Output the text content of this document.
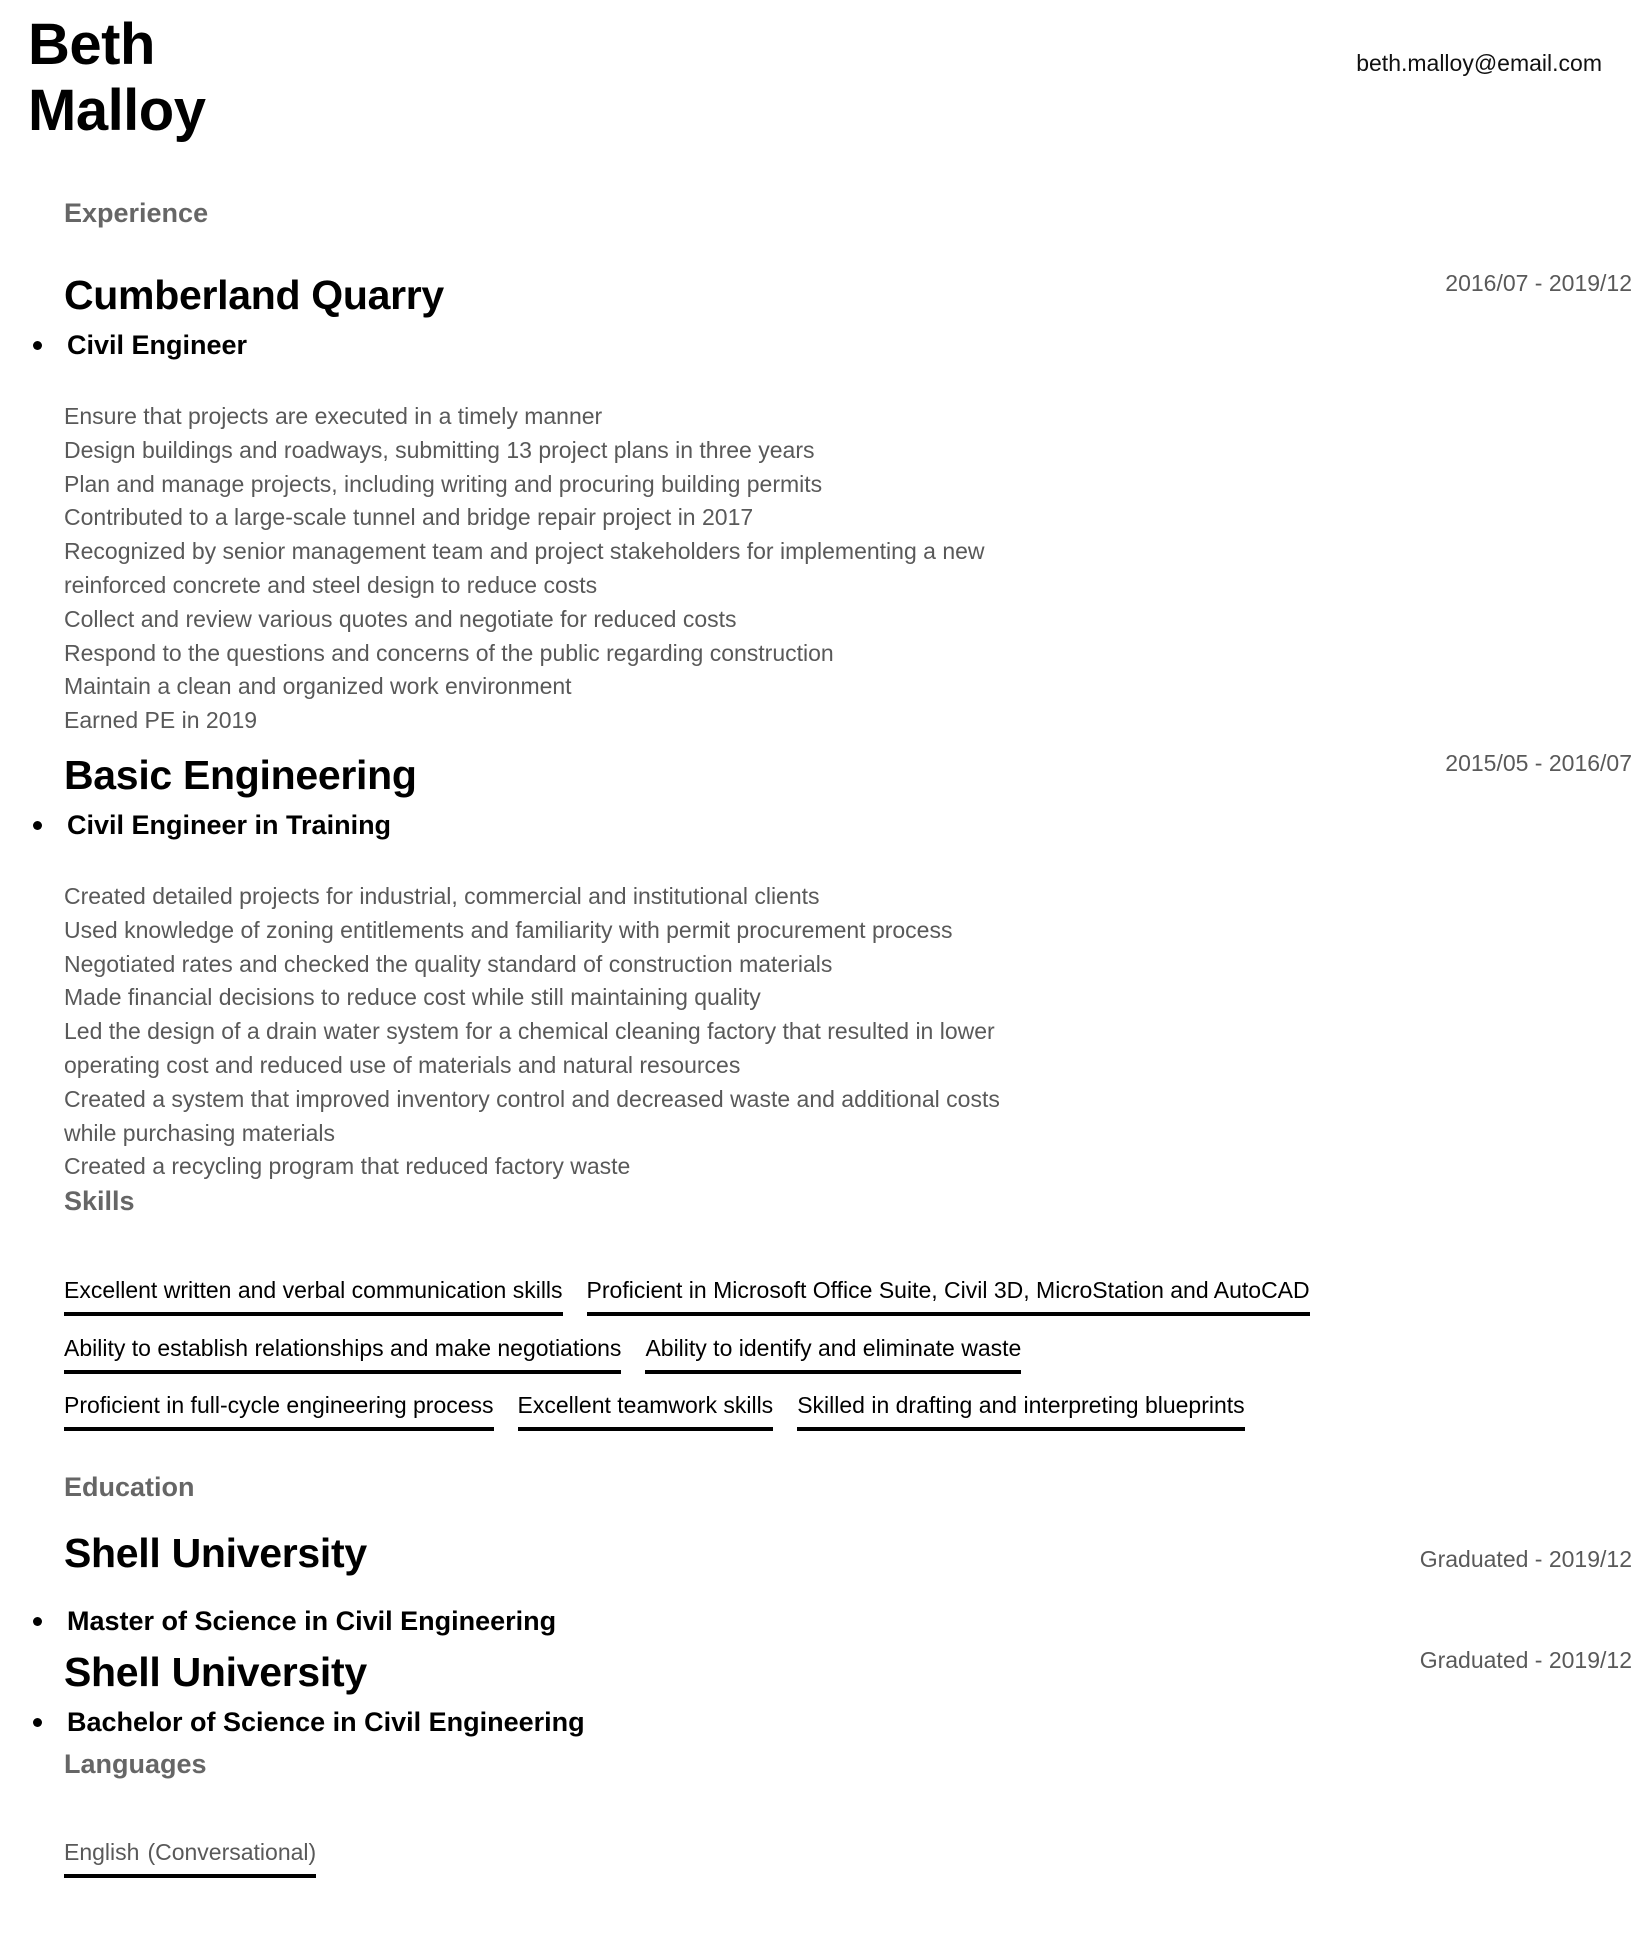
Beth
Malloy
beth.malloy@email.com
Experience
Cumberland Quarry	2016/07 - 2019/12
Civil Engineer
Ensure that projects are executed in a timely manner
Design buildings and roadways, submitting 13 project plans in three years
Plan and manage projects, including writing and procuring building permits
Contributed to a large-scale tunnel and bridge repair project in 2017
Recognized by senior management team and project stakeholders for implementing a new
reinforced concrete and steel design to reduce costs
Collect and review various quotes and negotiate for reduced costs
Respond to the questions and concerns of the public regarding construction
Maintain a clean and organized work environment
Earned PE in 2019
Basic Engineering	2015/05 - 2016/07
Civil Engineer in Training
Created detailed projects for industrial, commercial and institutional clients
Used knowledge of zoning entitlements and familiarity with permit procurement process
Negotiated rates and checked the quality standard of construction materials
Made financial decisions to reduce cost while still maintaining quality
Led the design of a drain water system for a chemical cleaning factory that resulted in lower
operating cost and reduced use of materials and natural resources
Created a system that improved inventory control and decreased waste and additional costs
while purchasing materials
Created a recycling program that reduced factory waste
Skills
Excellent written and verbal communication skills Proficient in Microsoft Office Suite, Civil 3D, MicroStation and AutoCAD
Ability to establish relationships and make negotiations Ability to identify and eliminate waste
Proficient in full-cycle engineering process Excellent teamwork skills Skilled in drafting and interpreting blueprints
Education
Shell University	Graduated - 2019/12
Master of Science in Civil Engineering
Shell University	Graduated - 2019/12
Bachelor of Science in Civil Engineering
Languages
English (Conversational)
